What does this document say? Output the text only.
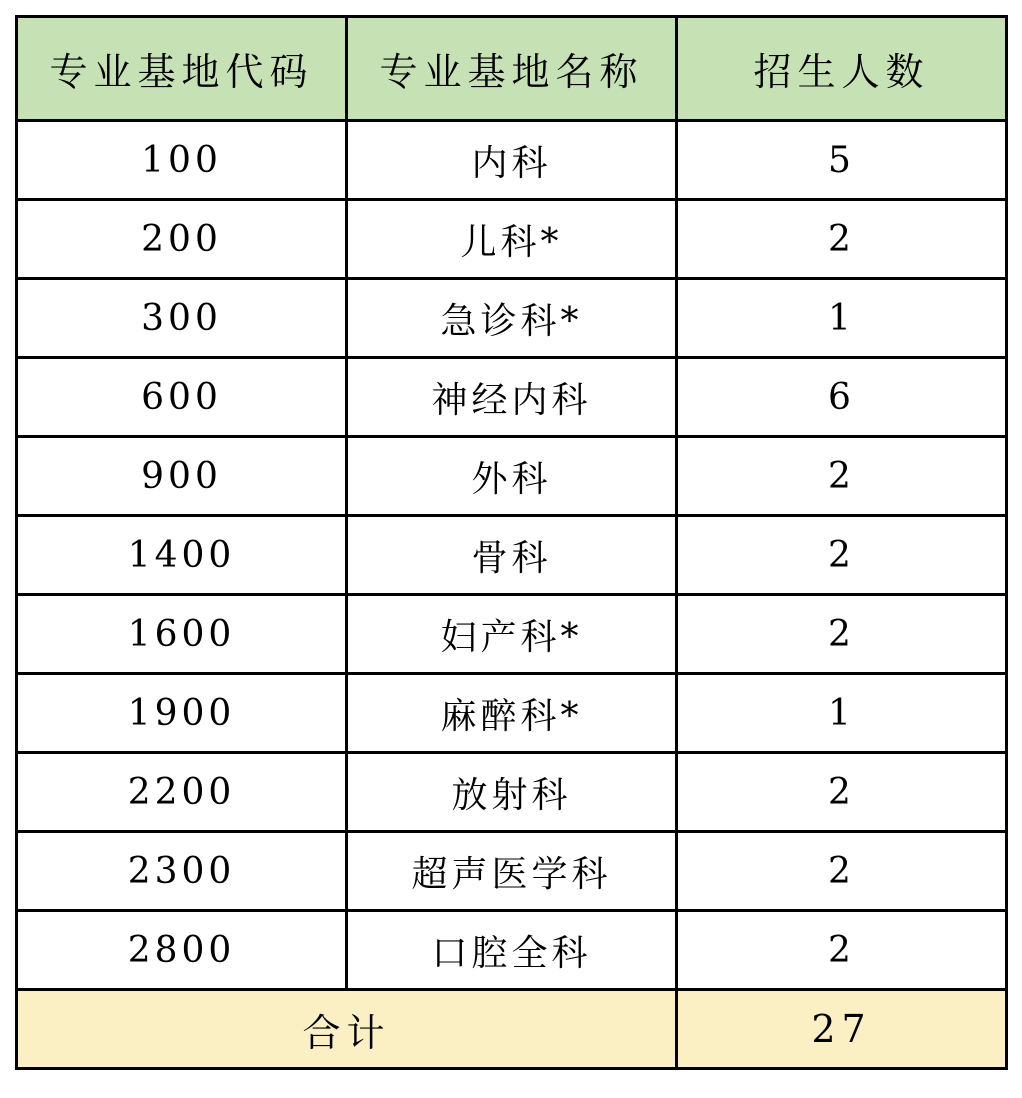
专业基地代码	专业基地名称	招生人数
100	内科	5
200	儿科*	2
300	急诊科*	1
600	神经内科	6
900	外科	2
1400	骨科	2
1600	妇产科*	2
1900	麻醉科*	1
2200	放射科	2
2300	超声医学科	2
2800	口腔全科	2
合计		27
